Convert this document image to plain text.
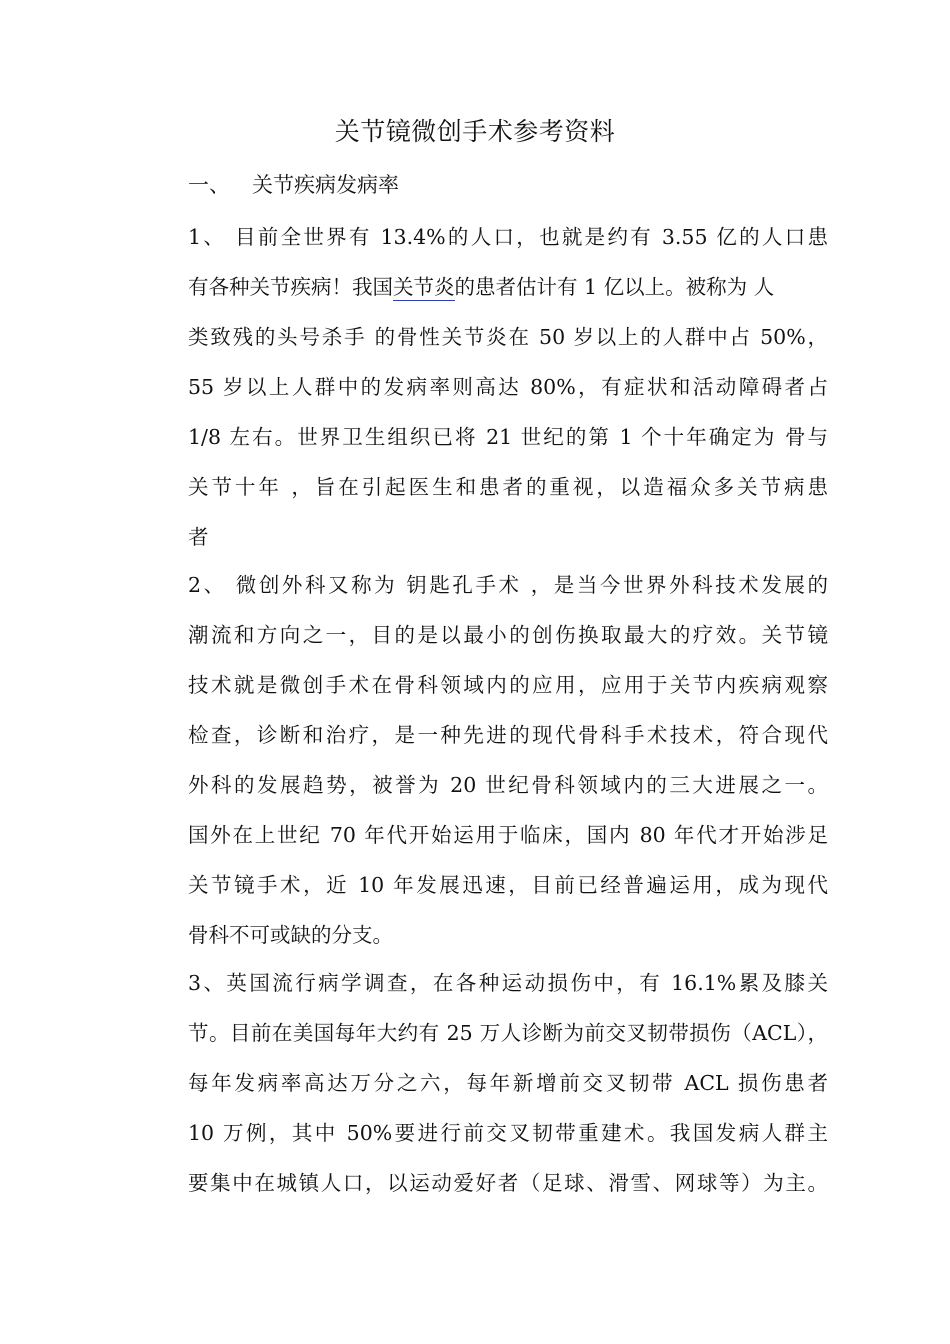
关节镜微创手术参考资料
一、 关节疾病发病率
1、 目前全世界有 13.4%的人口，也就是约有 3.55 亿的人口患
有各种关节疾病！我国关节炎的患者估计有 1 亿以上。被称为 人
类致残的头号杀手 的骨性关节炎在 50 岁以上的人群中占 50%，
55 岁以上人群中的发病率则高达 80%，有症状和活动障碍者占
1/8 左右。世界卫生组织已将 21 世纪的第 1 个十年确定为 骨与
关节十年 ，旨在引起医生和患者的重视，以造福众多关节病患
者
2、 微创外科又称为 钥匙孔手术 ，是当今世界外科技术发展的
潮流和方向之一，目的是以最小的创伤换取最大的疗效。关节镜
技术就是微创手术在骨科领域内的应用，应用于关节内疾病观察
检查，诊断和治疗，是一种先进的现代骨科手术技术，符合现代
外科的发展趋势，被誉为 20 世纪骨科领域内的三大进展之一。
国外在上世纪 70 年代开始运用于临床，国内 80 年代才开始涉足
关节镜手术，近 10 年发展迅速，目前已经普遍运用，成为现代
骨科不可或缺的分支。
3、英国流行病学调查，在各种运动损伤中，有 16.1%累及膝关
节。目前在美国每年大约有 25 万人诊断为前交叉韧带损伤（ACL），
每年发病率高达万分之六，每年新增前交叉韧带 ACL 损伤患者
10 万例，其中 50%要进行前交叉韧带重建术。我国发病人群主
要集中在城镇人口，以运动爱好者（足球、滑雪、网球等）为主。
